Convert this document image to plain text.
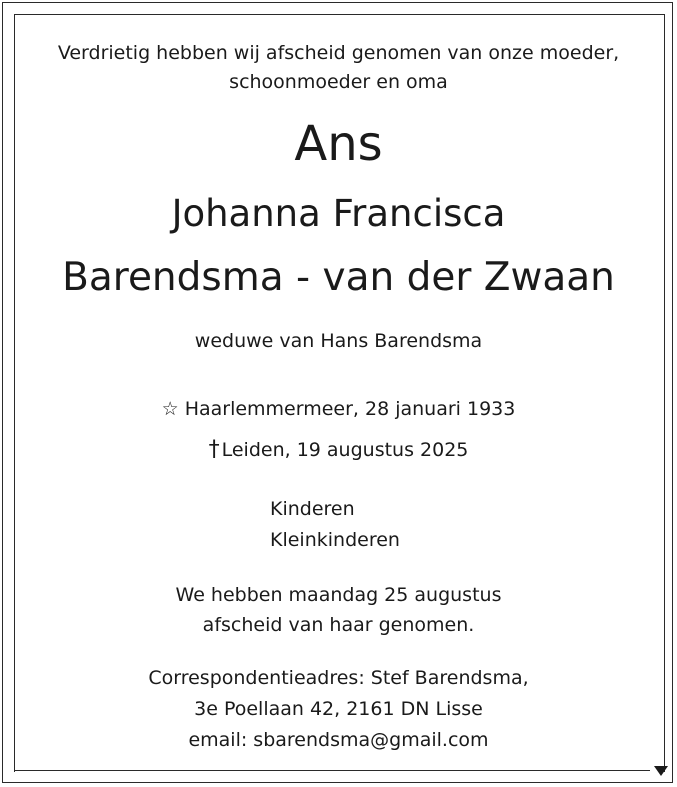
Verdrietig hebben wij afscheid genomen van onze moeder,
schoonmoeder en oma
Ans
Johanna Francisca
Barendsma - van der Zwaan
weduwe van Hans Barendsma
☆ Haarlemmermeer, 28 januari 1933
† Leiden, 19 augustus 2025
Kinderen
Kleinkinderen
We hebben maandag 25 augustus
afscheid van haar genomen.
Correspondentieadres: Stef Barendsma,
3e Poellaan 42, 2161 DN Lisse
email: sbarendsma@gmail.com
